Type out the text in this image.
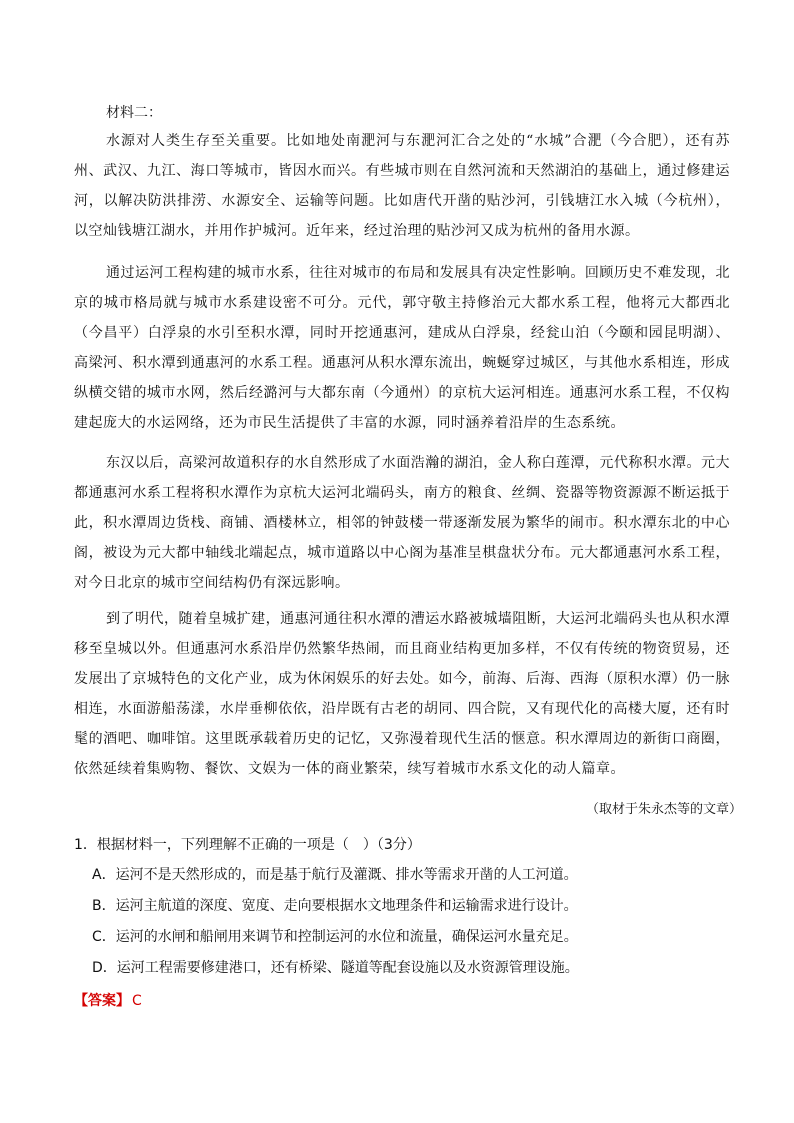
材料二：
水源对人类生存至关重要。比如地处南淝河与东淝河汇合之处的“水城”合淝（今合肥），还有苏州、武汉、九江、海口等城市，皆因水而兴。有些城市则在自然河流和天然湖泊的基础上，通过修建运河，以解决防洪排涝、水源安全、运输等问题。比如唐代开凿的贴沙河，引钱塘江水入城（今杭州），以空灿钱塘江湖水，并用作护城河。近年来，经过治理的贴沙河又成为杭州的备用水源。
通过运河工程构建的城市水系，往往对城市的布局和发展具有决定性影响。回顾历史不难发现，北京的城市格局就与城市水系建设密不可分。元代，郭守敬主持修治元大都水系工程，他将元大都西北（今昌平）白浮泉的水引至积水潭，同时开挖通惠河，建成从白浮泉，经瓮山泊（今颐和园昆明湖）、高梁河、积水潭到通惠河的水系工程。通惠河从积水潭东流出，蜿蜒穿过城区，与其他水系相连，形成纵横交错的城市水网，然后经潞河与大都东南（今通州）的京杭大运河相连。通惠河水系工程，不仅构建起庞大的水运网络，还为市民生活提供了丰富的水源，同时涵养着沿岸的生态系统。
东汉以后，高梁河故道积存的水自然形成了水面浩瀚的湖泊，金人称白莲潭，元代称积水潭。元大都通惠河水系工程将积水潭作为京杭大运河北端码头，南方的粮食、丝绸、瓷器等物资源源不断运抵于此，积水潭周边货栈、商铺、酒楼林立，相邻的钟鼓楼一带逐渐发展为繁华的闹市。积水潭东北的中心阁，被设为元大都中轴线北端起点，城市道路以中心阁为基准呈棋盘状分布。元大都通惠河水系工程，对今日北京的城市空间结构仍有深远影响。
到了明代，随着皇城扩建，通惠河通往积水潭的漕运水路被城墙阻断，大运河北端码头也从积水潭移至皇城以外。但通惠河水系沿岸仍然繁华热闹，而且商业结构更加多样，不仅有传统的物资贸易，还发展出了京城特色的文化产业，成为休闲娱乐的好去处。如今，前海、后海、西海（原积水潭）仍一脉相连，水面游船荡漾，水岸垂柳依依，沿岸既有古老的胡同、四合院，又有现代化的高楼大厦，还有时髦的酒吧、咖啡馆。这里既承载着历史的记忆，又弥漫着现代生活的惬意。积水潭周边的新街口商圈，依然延续着集购物、餐饮、文娱为一体的商业繁荣，续写着城市水系文化的动人篇章。
（取材于朱永杰等的文章）
1．根据材料一，下列理解不正确的一项是（　）（3分）
A．运河不是天然形成的，而是基于航行及灌溉、排水等需求开凿的人工河道。
B．运河主航道的深度、宽度、走向要根据水文地理条件和运输需求进行设计。
C．运河的水闸和船闸用来调节和控制运河的水位和流量，确保运河水量充足。
D．运河工程需要修建港口，还有桥梁、隧道等配套设施以及水资源管理设施。
【答案】 C
